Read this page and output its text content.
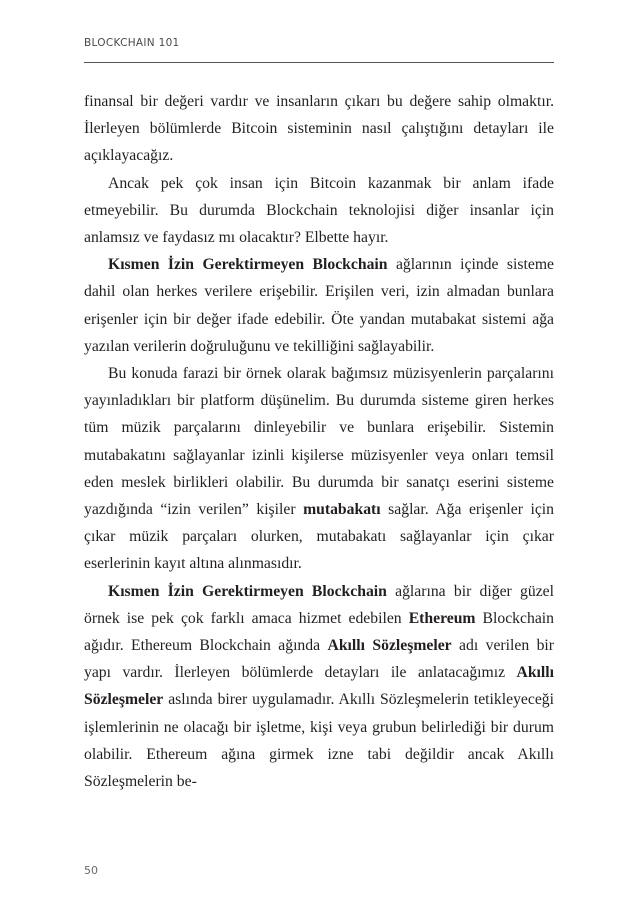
BLOCKCHAIN 101

finansal bir değeri vardır ve insanların çıkarı bu değere sahip olmaktır. İlerleyen bölümlerde Bitcoin sisteminin nasıl çalıştığını detayları ile açıklayacağız.

Ancak pek çok insan için Bitcoin kazanmak bir anlam ifade etmeyebilir. Bu durumda Blockchain teknolojisi diğer insanlar için anlamsız ve faydasız mı olacaktır? Elbette hayır.

Kısmen İzin Gerektirmeyen Blockchain ağlarının içinde sisteme dahil olan herkes verilere erişebilir. Erişilen veri, izin almadan bunlara erişenler için bir değer ifade edebilir. Öte yandan mutabakat sistemi ağa yazılan verilerin doğruluğunu ve tekilliğini sağlayabilir.

Bu konuda farazi bir örnek olarak bağımsız müzisyenlerin parçalarını yayınladıkları bir platform düşünelim. Bu durumda sisteme giren herkes tüm müzik parçalarını dinleyebilir ve bunlara erişebilir. Sistemin mutabakatını sağlayanlar izinli kişilerse müzisyenler veya onları temsil eden meslek birlikleri olabilir. Bu durumda bir sanatçı eserini sisteme yazdığında “izin verilen” kişiler mutabakatı sağlar. Ağa erişenler için çıkar müzik parçaları olurken, mutabakatı sağlayanlar için çıkar eserlerinin kayıt altına alınmasıdır.

Kısmen İzin Gerektirmeyen Blockchain ağlarına bir diğer güzel örnek ise pek çok farklı amaca hizmet edebilen Ethereum Blockchain ağıdır. Ethereum Blockchain ağında Akıllı Sözleşmeler adı verilen bir yapı vardır. İlerleyen bölümlerde detayları ile anlatacağımız Akıllı Sözleşmeler aslında birer uygulamadır. Akıllı Sözleşmelerin tetikleyeceği işlemlerinin ne olacağı bir işletme, kişi veya grubun belirlediği bir durum olabilir. Ethereum ağına girmek izne tabi değildir ancak Akıllı Sözleşmelerin be-

50
